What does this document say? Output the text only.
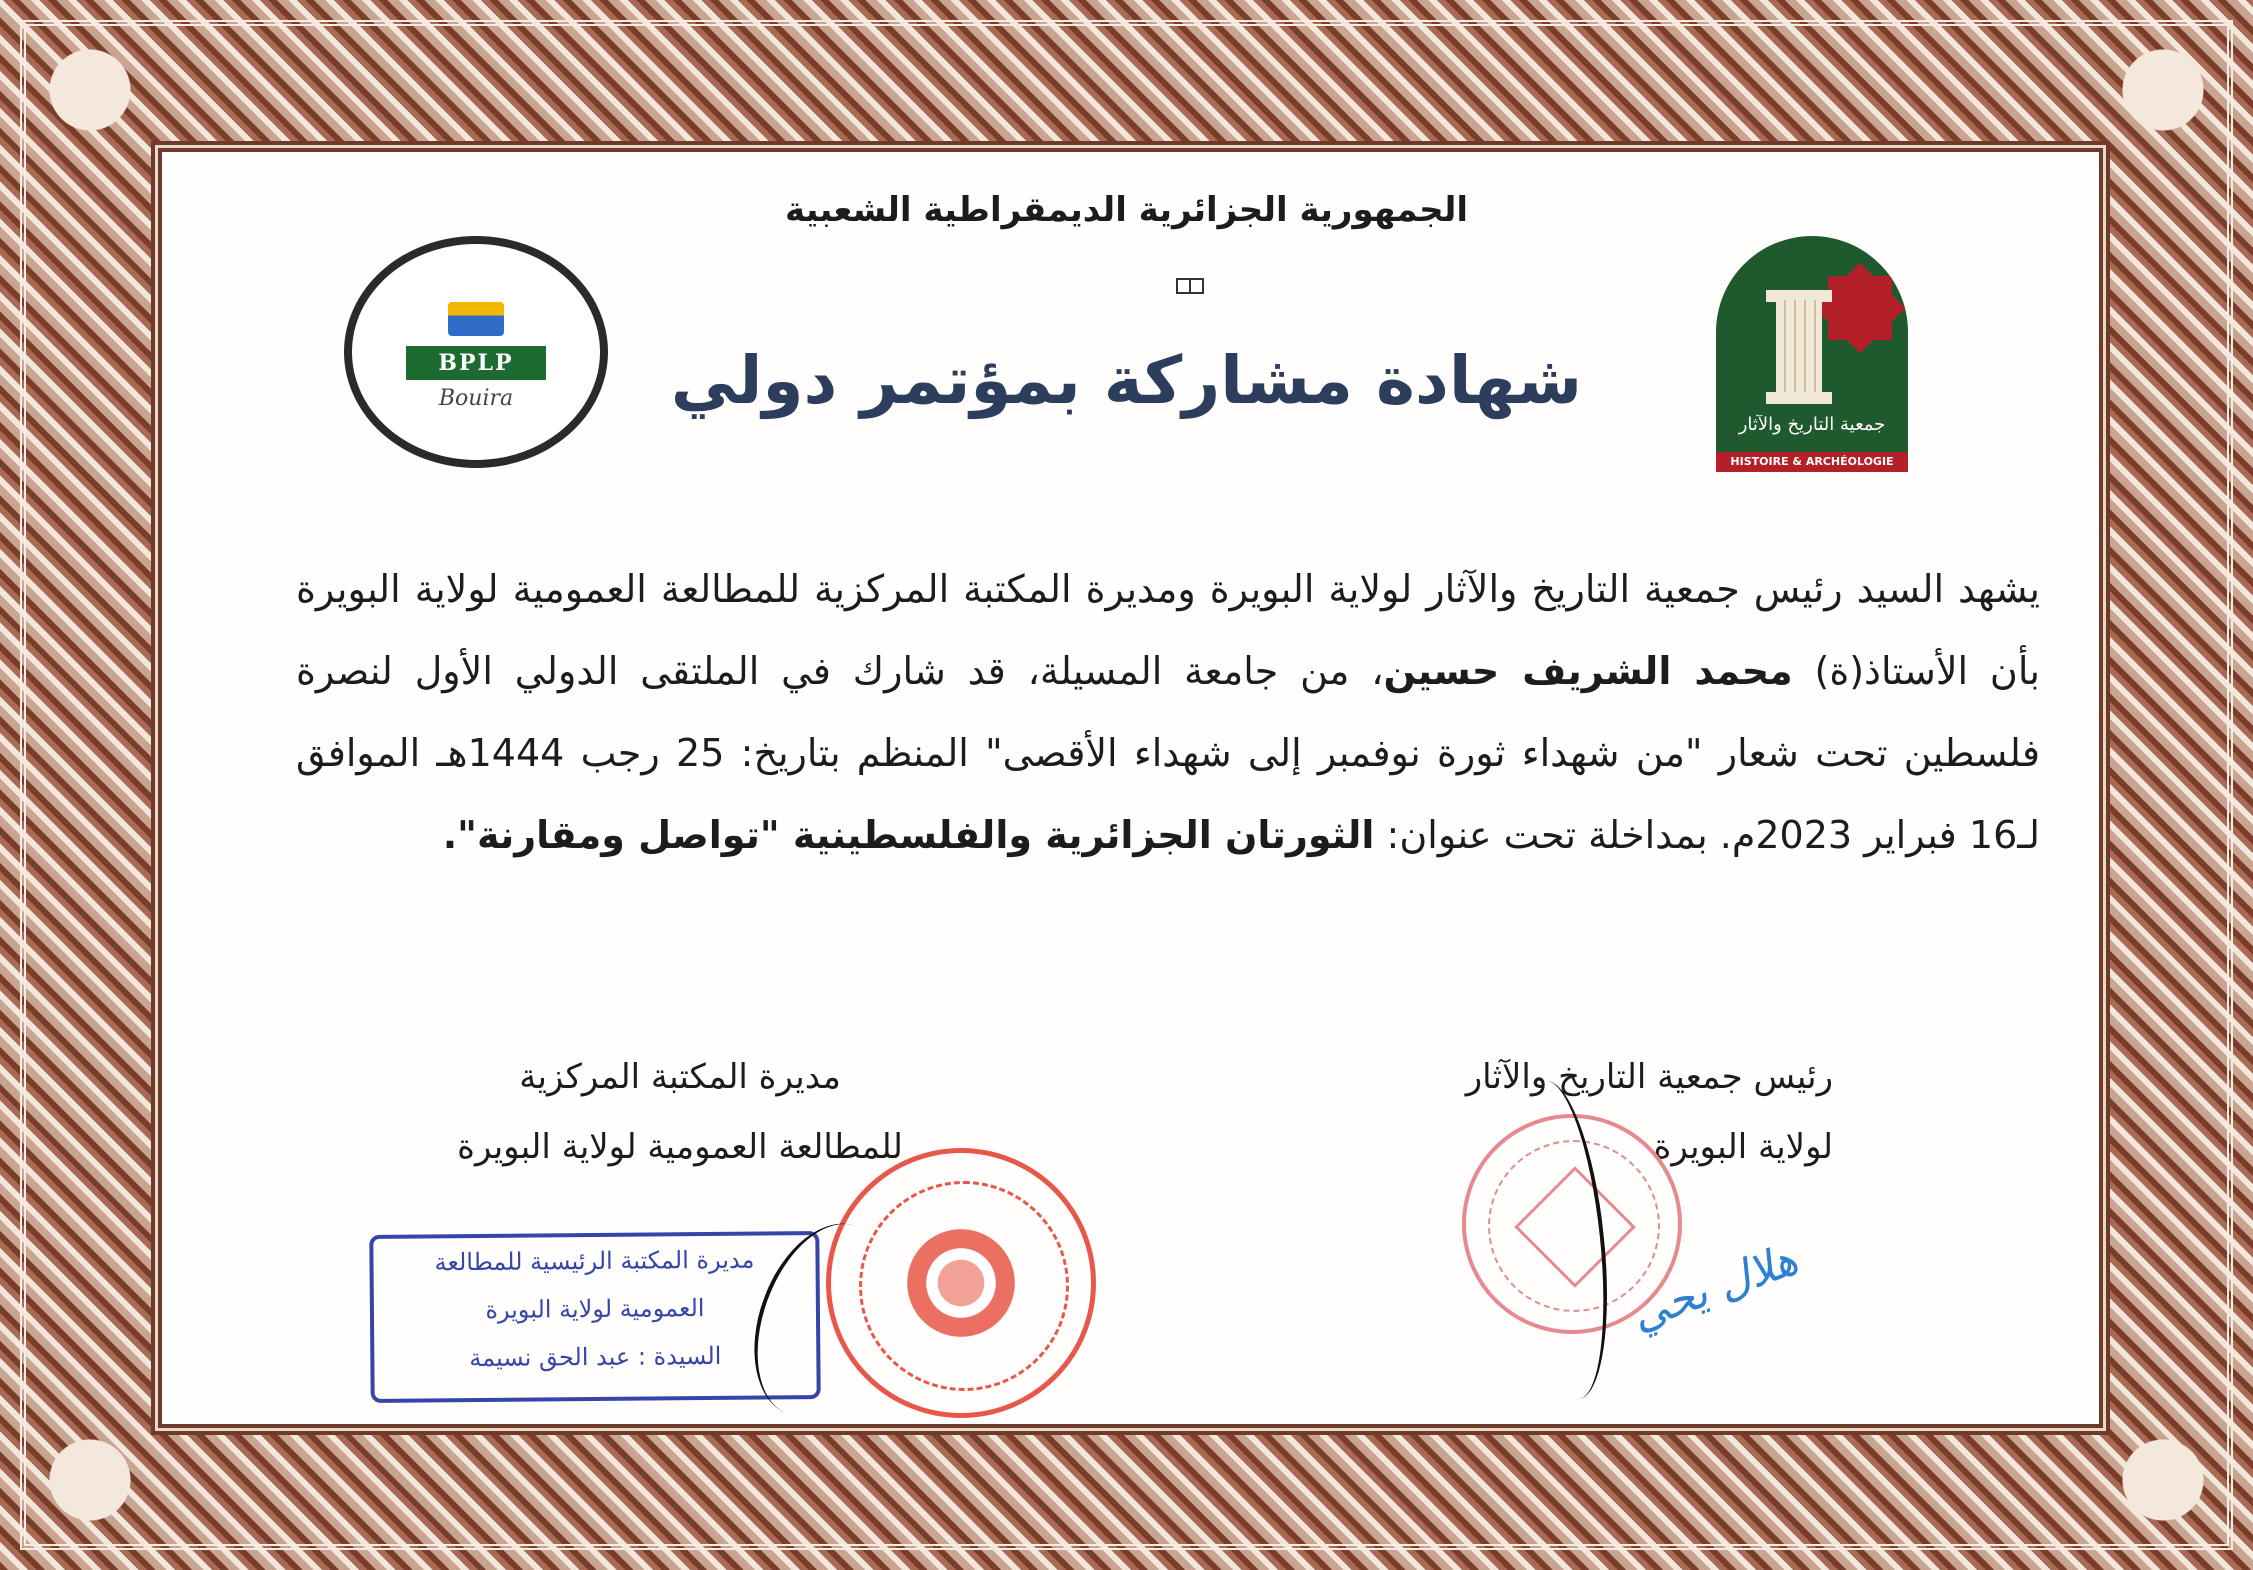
الجمهورية الجزائرية الديمقراطية الشعبية
شهادة مشاركة بمؤتمر دولي
جمعية التاريخ والآثار
HISTOIRE & ARCHÉOLOGIE
BPLP
Bouira
يشهد السيد رئيس جمعية التاريخ والآثار لولاية البويرة ومديرة المكتبة المركزية للمطالعة العمومية لولاية البويرة بأن الأستاذ(ة) محمد الشريف حسين، من جامعة المسيلة، قد شارك في الملتقى الدولي الأول لنصرة فلسطين تحت شعار "من شهداء ثورة نوفمبر إلى شهداء الأقصى" المنظم بتاريخ: 25 رجب 1444هـ الموافق لـ16 فبراير 2023م. بمداخلة تحت عنوان: الثورتان الجزائرية والفلسطينية "تواصل ومقارنة".
رئيس جمعية التاريخ والآثار
لولاية البويرة
مديرة المكتبة المركزية
للمطالعة العمومية لولاية البويرة
مديرة المكتبة الرئيسية للمطالعة
العمومية لولاية البويرة
السيدة : عبد الحق نسيمة
هلال يحي
